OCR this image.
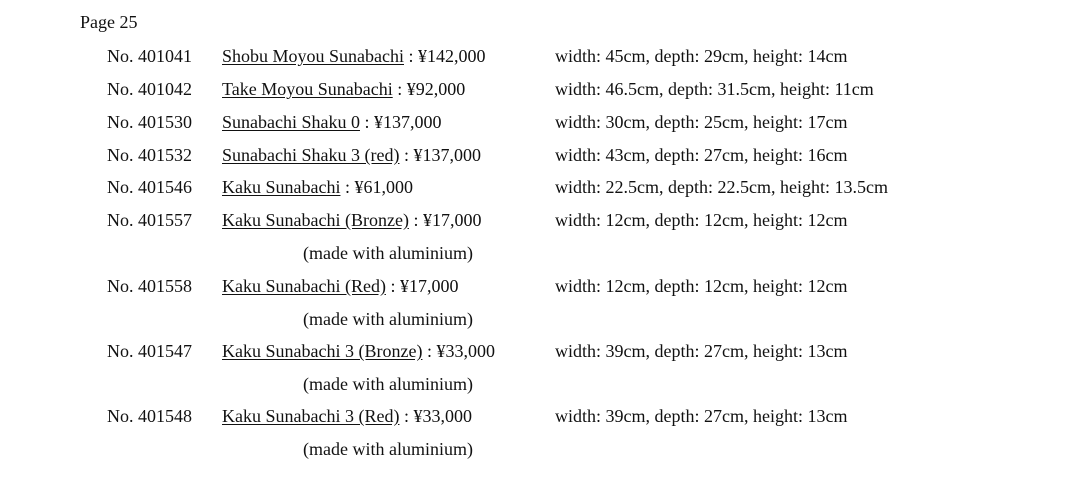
Page 25
No. 401041 Shobu Moyou Sunabachi : ¥142,000	width: 45cm, depth: 29cm, height: 14cm
No. 401042 Take Moyou Sunabachi : ¥92,000	width: 46.5cm, depth: 31.5cm, height: 11cm
No. 401530 Sunabachi Shaku 0 : ¥137,000	width: 30cm, depth: 25cm, height: 17cm
No. 401532 Sunabachi Shaku 3 (red) : ¥137,000	width: 43cm, depth: 27cm, height: 16cm
No. 401546 Kaku Sunabachi : ¥61,000	width: 22.5cm, depth: 22.5cm, height: 13.5cm
No. 401557 Kaku Sunabachi (Bronze) : ¥17,000	width: 12cm, depth: 12cm, height: 12cm
(made with aluminium)
No. 401558 Kaku Sunabachi (Red) : ¥17,000	width: 12cm, depth: 12cm, height: 12cm
(made with aluminium)
No. 401547 Kaku Sunabachi 3 (Bronze) : ¥33,000	width: 39cm, depth: 27cm, height: 13cm
(made with aluminium)
No. 401548 Kaku Sunabachi 3 (Red) : ¥33,000	width: 39cm, depth: 27cm, height: 13cm
(made with aluminium)
